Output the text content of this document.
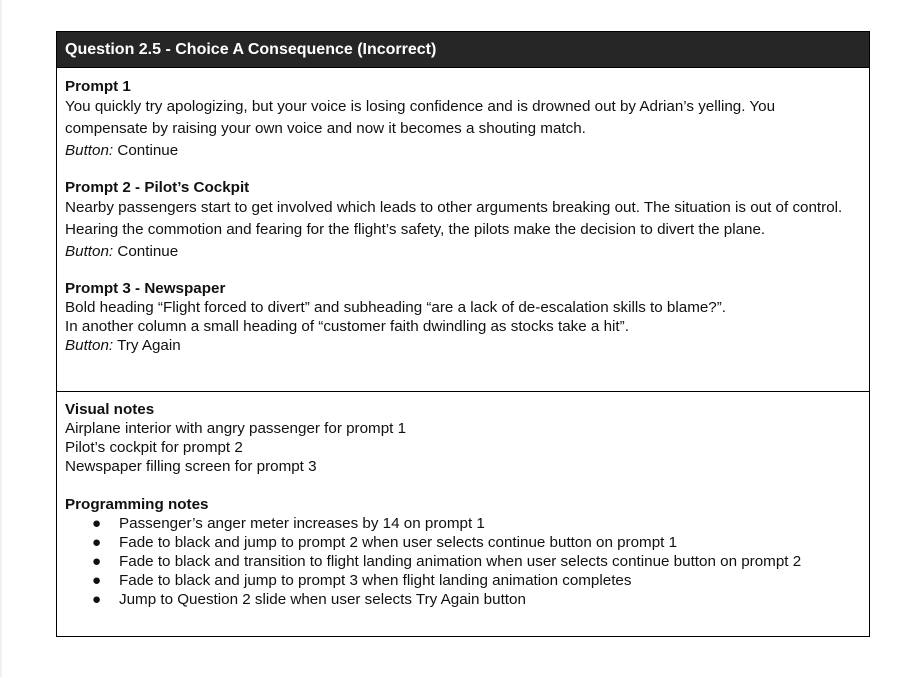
Question 2.5 - Choice A Consequence (Incorrect)

Prompt 1

You quickly try apologizing, but your voice is losing confidence and is drowned out by Adrian’s yelling. You compensate by raising your own voice and now it becomes a shouting match.

Button: Continue

Prompt 2 - Pilot’s Cockpit

Nearby passengers start to get involved which leads to other arguments breaking out. The situation is out of control. Hearing the commotion and fearing for the flight’s safety, the pilots make the decision to divert the plane.

Button: Continue

Prompt 3 - Newspaper

Bold heading “Flight forced to divert” and subheading “are a lack of de-escalation skills to blame?”.

In another column a small heading of “customer faith dwindling as stocks take a hit”.

Button: Try Again

Visual notes

Airplane interior with angry passenger for prompt 1

Pilot’s cockpit for prompt 2

Newspaper filling screen for prompt 3

Programming notes

● Passenger’s anger meter increases by 14 on prompt 1
● Fade to black and jump to prompt 2 when user selects continue button on prompt 1
● Fade to black and transition to flight landing animation when user selects continue button on prompt 2
● Fade to black and jump to prompt 3 when flight landing animation completes
● Jump to Question 2 slide when user selects Try Again button
